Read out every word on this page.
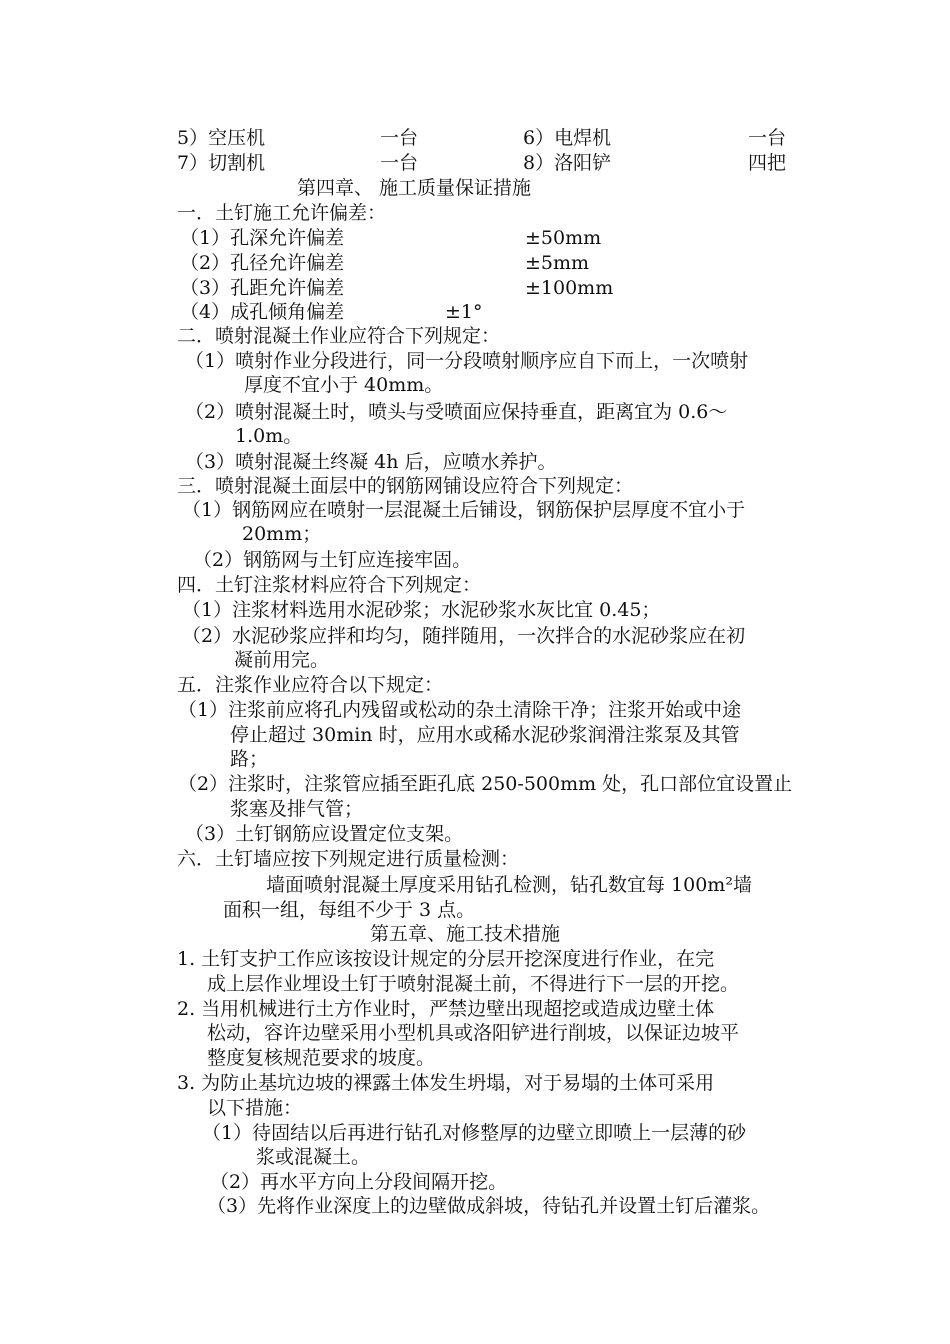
5）空压机	一台	6）电焊机	一台
7）切割机	一台	8）洛阳铲	四把
第四章、 施工质量保证措施
一．土钉施工允许偏差：
（1）孔深允许偏差	±50mm
（2）孔径允许偏差	±5mm
（3）孔距允许偏差	±100mm
（4）成孔倾角偏差	±1°
二．喷射混凝土作业应符合下列规定：
（1）喷射作业分段进行，同一分段喷射顺序应自下而上，一次喷射
厚度不宜小于 40mm。
（2）喷射混凝土时，喷头与受喷面应保持垂直，距离宜为 0.6～
1.0m。
（3）喷射混凝土终凝 4h 后，应喷水养护。
三．喷射混凝土面层中的钢筋网铺设应符合下列规定：
（1）钢筋网应在喷射一层混凝土后铺设，钢筋保护层厚度不宜小于
20mm；
（2）钢筋网与土钉应连接牢固。
四．土钉注浆材料应符合下列规定：
（1）注浆材料选用水泥砂浆；水泥砂浆水灰比宜 0.45；
（2）水泥砂浆应拌和均匀，随拌随用，一次拌合的水泥砂浆应在初
凝前用完。
五．注浆作业应符合以下规定：
（1）注浆前应将孔内残留或松动的杂土清除干净；注浆开始或中途
停止超过 30min 时，应用水或稀水泥砂浆润滑注浆泵及其管
路；
（2）注浆时，注浆管应插至距孔底 250-500mm 处，孔口部位宜设置止
浆塞及排气管；
（3）土钉钢筋应设置定位支架。
六．土钉墙应按下列规定进行质量检测：
墙面喷射混凝土厚度采用钻孔检测，钻孔数宜每 100m²墙
面积一组，每组不少于 3 点。
第五章、施工技术措施
1. 土钉支护工作应该按设计规定的分层开挖深度进行作业，在完
成上层作业埋设土钉于喷射混凝土前，不得进行下一层的开挖。
2. 当用机械进行土方作业时，严禁边壁出现超挖或造成边壁土体
松动，容许边壁采用小型机具或洛阳铲进行削坡，以保证边坡平
整度复核规范要求的坡度。
3. 为防止基坑边坡的裸露土体发生坍塌，对于易塌的土体可采用
以下措施：
（1）待固结以后再进行钻孔对修整厚的边壁立即喷上一层薄的砂
浆或混凝土。
（2）再水平方向上分段间隔开挖。
（3）先将作业深度上的边壁做成斜坡，待钻孔并设置土钉后灌浆。
